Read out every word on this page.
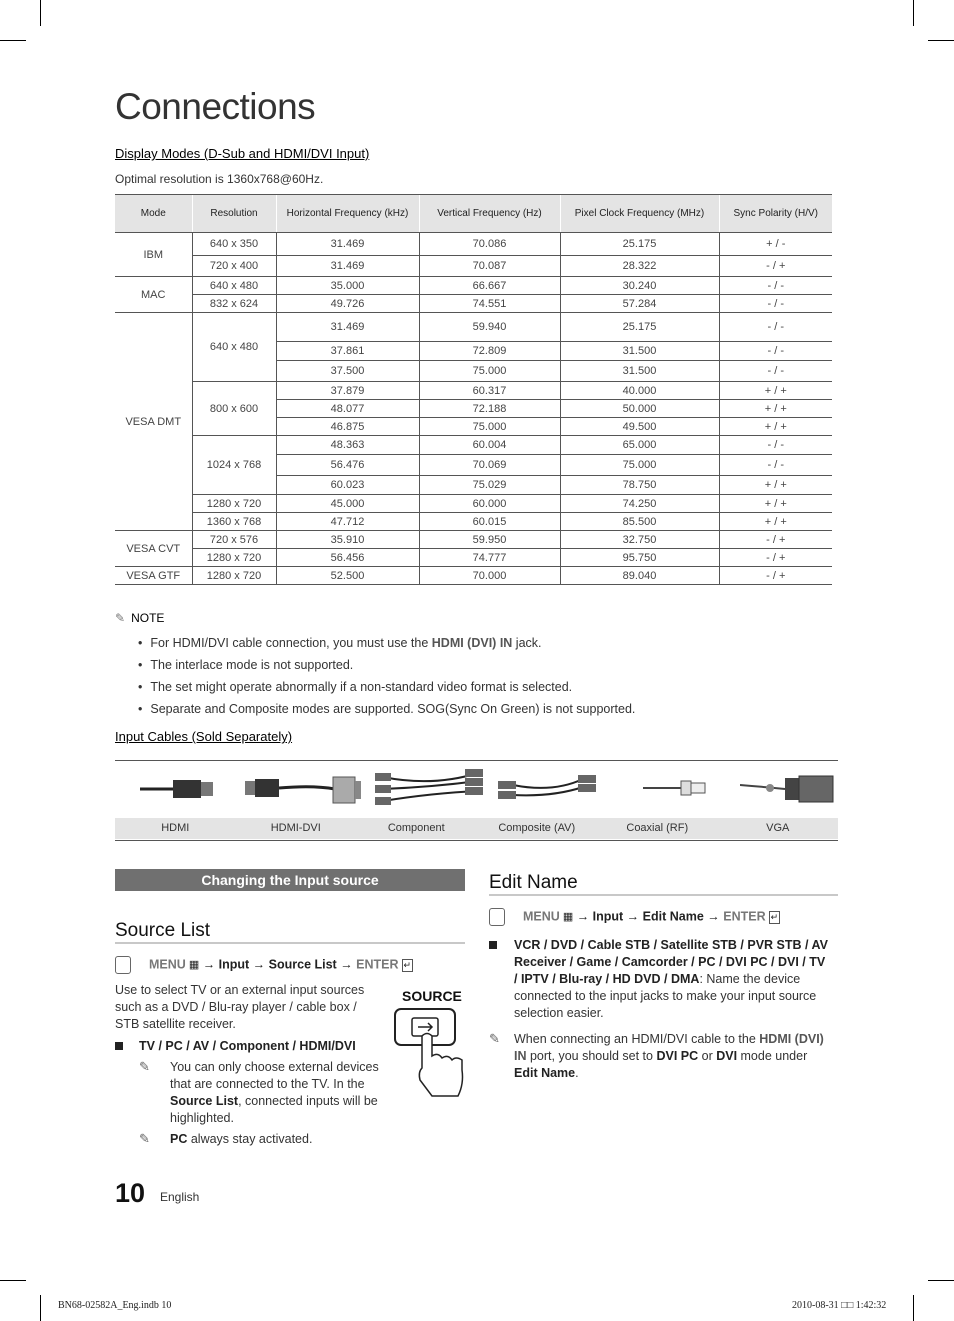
Connections
Display Modes (D-Sub and HDMI/DVI Input)
Optimal resolution is 1360x768@60Hz.
Mode	Resolution	Horizontal Frequency (kHz)	Vertical Frequency (Hz)	Pixel Clock Frequency (MHz)	Sync Polarity (H/V)
IBM	640 x 350	31.469	70.086	25.175	+ / -
	720 x 400	31.469	70.087	28.322	- / +
MAC	640 x 480	35.000	66.667	30.240	- / -
	832 x 624	49.726	74.551	57.284	- / -
VESA DMT	640 x 480	31.469	59.940	25.175	- / -
		37.861	72.809	31.500	- / -
		37.500	75.000	31.500	- / -
	800 x 600	37.879	60.317	40.000	+ / +
		48.077	72.188	50.000	+ / +
		46.875	75.000	49.500	+ / +
	1024 x 768	48.363	60.004	65.000	- / -
		56.476	70.069	75.000	- / -
		60.023	75.029	78.750	+ / +
	1280 x 720	45.000	60.000	74.250	+ / +
	1360 x 768	47.712	60.015	85.500	+ / +
VESA CVT	720 x 576	35.910	59.950	32.750	- / +
	1280 x 720	56.456	74.777	95.750	- / +
VESA GTF	1280 x 720	52.500	70.000	89.040	- / +
✎ NOTE
• For HDMI/DVI cable connection, you must use the HDMI (DVI) IN jack.
• The interlace mode is not supported.
• The set might operate abnormally if a non-standard video format is selected.
• Separate and Composite modes are supported. SOG(Sync On Green) is not supported.
Input Cables (Sold Separately)
HDMI	HDMI-DVI	Component	Composite (AV)	Coaxial (RF)	VGA
Changing the Input source
Source List
MENU ▦ → Input → Source List → ENTER ↵
Use to select TV or an external input sources such as a DVD / Blu-ray player / cable box / STB satellite receiver.
TV / PC / AV / Component / HDMI/DVI
✎ You can only choose external devices that are connected to the TV. In the Source List, connected inputs will be highlighted.
✎ PC always stay activated.
SOURCE
Edit Name
MENU ▦ → Input → Edit Name → ENTER ↵
VCR / DVD / Cable STB / Satellite STB / PVR STB / AV Receiver / Game / Camcorder / PC / DVI PC / DVI / TV / IPTV / Blu-ray / HD DVD / DMA: Name the device connected to the input jacks to make your input source selection easier.
✎ When connecting an HDMI/DVI cable to the HDMI (DVI) IN port, you should set to DVI PC or DVI mode under Edit Name.
10 English
BN68-02582A_Eng.indb 10	2010-08-31 □□ 1:42:32
